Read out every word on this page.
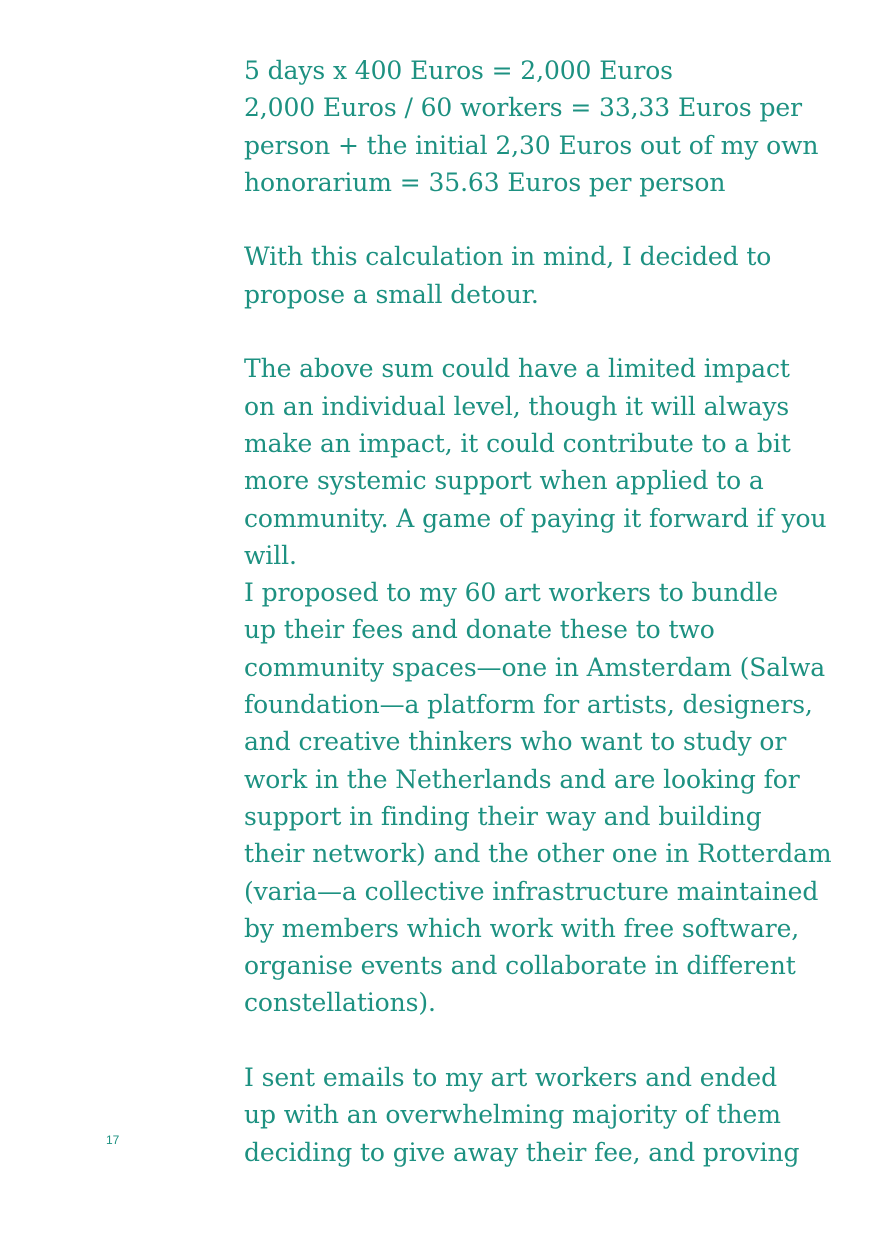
5 days x 400 Euros = 2,000 Euros
2,000 Euros / 60 workers = 33,33 Euros per
person + the initial 2,30 Euros out of my own
honorarium = 35.63 Euros per person
With this calculation in mind, I decided to
propose a small detour.
The above sum could have a limited impact
on an individual level, though it will always
make an impact, it could contribute to a bit
more systemic support when applied to a
community. A game of paying it forward if you
will.
I proposed to my 60 art workers to bundle
up their fees and donate these to two
community spaces—one in Amsterdam (Salwa
foundation—a platform for artists, designers,
and creative thinkers who want to study or
work in the Netherlands and are looking for
support in finding their way and building
their network) and the other one in Rotterdam
(varia—a collective infrastructure maintained
by members which work with free software,
organise events and collaborate in different
constellations).
I sent emails to my art workers and ended
up with an overwhelming majority of them
deciding to give away their fee, and proving
17
